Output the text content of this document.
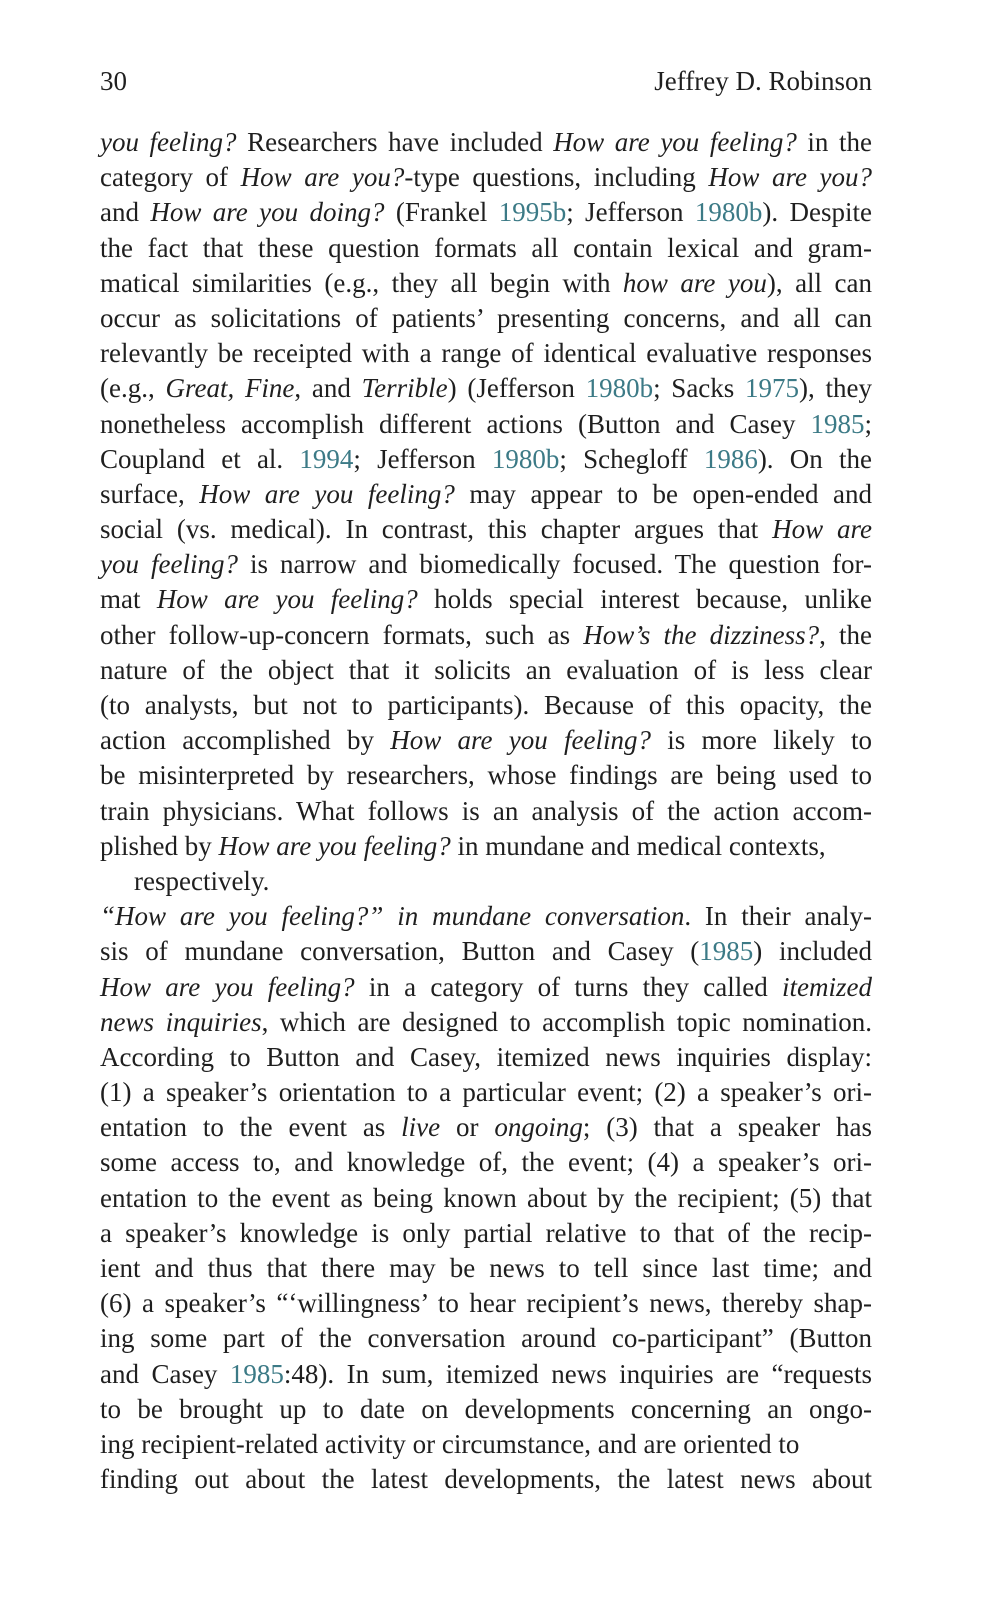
30	Jeffrey D. Robinson
you feeling? Researchers have included How are you feeling? in the
category of How are you?-type questions, including How are you?
and How are you doing? (Frankel 1995b; Jefferson 1980b). Despite
the fact that these question formats all contain lexical and gram-
matical similarities (e.g., they all begin with how are you), all can
occur as solicitations of patients’ presenting concerns, and all can
relevantly be receipted with a range of identical evaluative responses
(e.g., Great, Fine, and Terrible) (Jefferson 1980b; Sacks 1975), they
nonetheless accomplish different actions (Button and Casey 1985;
Coupland et al. 1994; Jefferson 1980b; Schegloff 1986). On the
surface, How are you feeling? may appear to be open-ended and
social (vs. medical). In contrast, this chapter argues that How are
you feeling? is narrow and biomedically focused. The question for-
mat How are you feeling? holds special interest because, unlike
other follow-up-concern formats, such as How’s the dizziness?, the
nature of the object that it solicits an evaluation of is less clear
(to analysts, but not to participants). Because of this opacity, the
action accomplished by How are you feeling? is more likely to
be misinterpreted by researchers, whose findings are being used to
train physicians. What follows is an analysis of the action accom-
plished by How are you feeling? in mundane and medical contexts,
respectively.
“How are you feeling?” in mundane conversation. In their analy-
sis of mundane conversation, Button and Casey (1985) included
How are you feeling? in a category of turns they called itemized
news inquiries, which are designed to accomplish topic nomination.
According to Button and Casey, itemized news inquiries display:
(1) a speaker’s orientation to a particular event; (2) a speaker’s ori-
entation to the event as live or ongoing; (3) that a speaker has
some access to, and knowledge of, the event; (4) a speaker’s ori-
entation to the event as being known about by the recipient; (5) that
a speaker’s knowledge is only partial relative to that of the recip-
ient and thus that there may be news to tell since last time; and
(6) a speaker’s “‘willingness’ to hear recipient’s news, thereby shap-
ing some part of the conversation around co-participant” (Button
and Casey 1985:48). In sum, itemized news inquiries are “requests
to be brought up to date on developments concerning an ongo-
ing recipient-related activity or circumstance, and are oriented to
finding out about the latest developments, the latest news about
